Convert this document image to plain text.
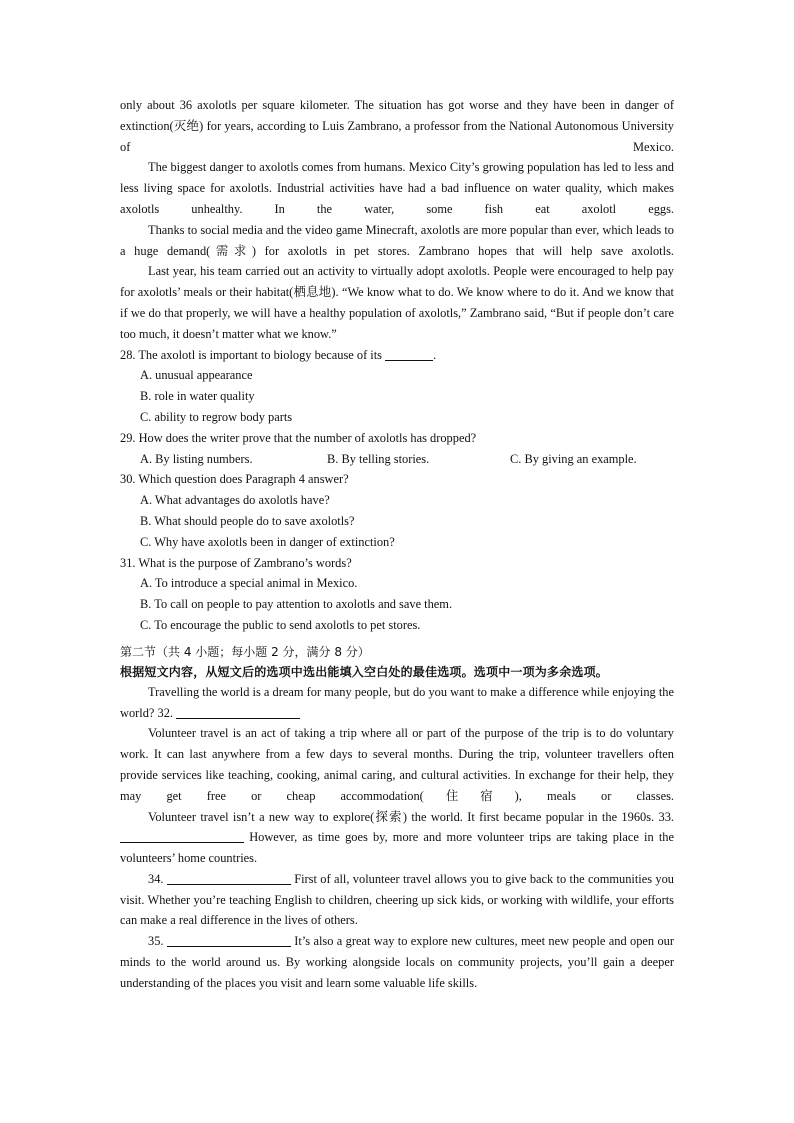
only about 36 axolotls per square kilometer. The situation has got worse and they have been in danger of extinction(灭绝) for years, according to Luis Zambrano, a professor from the National Autonomous University of Mexico.

The biggest danger to axolotls comes from humans. Mexico City’s growing population has led to less and less living space for axolotls. Industrial activities have had a bad influence on water quality, which makes axolotls unhealthy. In the water, some fish eat axolotl eggs.

Thanks to social media and the video game Minecraft, axolotls are more popular than ever, which leads to a huge demand(需求) for axolotls in pet stores. Zambrano hopes that will help save axolotls.

Last year, his team carried out an activity to virtually adopt axolotls. People were encouraged to help pay for axolotls’ meals or their habitat(栖息地). “We know what to do. We know where to do it. And we know that if we do that properly, we will have a healthy population of axolotls,” Zambrano said, “But if people don’t care too much, it doesn’t matter what we know.”

28. The axolotl is important to biology because of its	.

A. unusual appearance

B. role in water quality

C. ability to regrow body parts

29. How does the writer prove that the number of axolotls has dropped?

A. By listing numbers.	B. By telling stories.	C. By giving an example.

30. Which question does Paragraph 4 answer?

A. What advantages do axolotls have?

B. What should people do to save axolotls?

C. Why have axolotls been in danger of extinction?

31. What is the purpose of Zambrano’s words?

A. To introduce a special animal in Mexico.

B. To call on people to pay attention to axolotls and save them.

C. To encourage the public to send axolotls to pet stores.

第二节（共 4 小题；每小题 2 分，满分 8 分）

根据短文内容，从短文后的选项中选出能填入空白处的最佳选项。选项中一项为多余选项。

Travelling the world is a dream for many people, but do you want to make a difference while enjoying the world? 32.

Volunteer travel is an act of taking a trip where all or part of the purpose of the trip is to do voluntary work. It can last anywhere from a few days to several months. During the trip, volunteer travellers often provide services like teaching, cooking, animal caring, and cultural activities. In exchange for their help, they may get free or cheap accommodation(住宿), meals or classes.

Volunteer travel isn’t a new way to explore(探索) the world. It first became popular in the 1960s. 33.  However, as time goes by, more and more volunteer trips are taking place in the volunteers’ home countries.

34.	First of all, volunteer travel allows you to give back to the communities you visit. Whether you’re teaching English to children, cheering up sick kids, or working with wildlife, your efforts can make a real difference in the lives of others.

35.	It’s also a great way to explore new cultures, meet new people and open our minds to the world around us. By working alongside locals on community projects, you’ll gain a deeper understanding of the places you visit and learn some valuable life skills.
